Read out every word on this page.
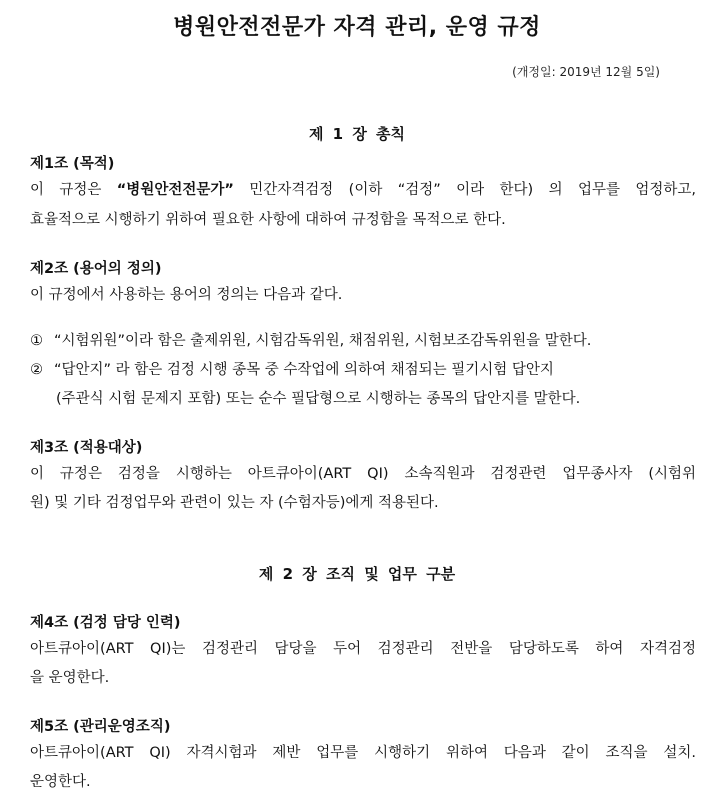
병원안전전문가 자격 관리, 운영 규정
(개정일: 2019년 12월 5일)
제 1 장 총칙
제1조 (목적)

이 규정은 “병원안전전문가” 민간자격검정 (이하 “검정” 이라 한다) 의 업무를 엄정하고,

효율적으로 시행하기 위하여 필요한 사항에 대하여 규정함을 목적으로 한다.

제2조 (용어의 정의)

이 규정에서 사용하는 용어의 정의는 다음과 같다.

① “시험위원”이라 함은 출제위원, 시험감독위원, 채점위원, 시험보조감독위원을 말한다.
② “답안지” 라 함은 검정 시행 종목 중 수작업에 의하여 채점되는 필기시험 답안지
(주관식 시험 문제지 포함) 또는 순수 필답형으로 시행하는 종목의 답안지를 말한다.
제3조 (적용대상)

이 규정은 검정을 시행하는 아트큐아이(ART QI) 소속직원과 검정관련 업무종사자 (시험위

원) 및 기타 검정업무와 관련이 있는 자 (수험자등)에게 적용된다.

제 2 장 조직 및 업무 구분
제4조 (검정 담당 인력)

아트큐아이(ART QI)는 검정관리 담당을 두어 검정관리 전반을 담당하도록 하여 자격검정

을 운영한다.

제5조 (관리운영조직)

아트큐아이(ART QI) 자격시험과 제반 업무를 시행하기 위하여 다음과 같이 조직을 설치.

운영한다.
